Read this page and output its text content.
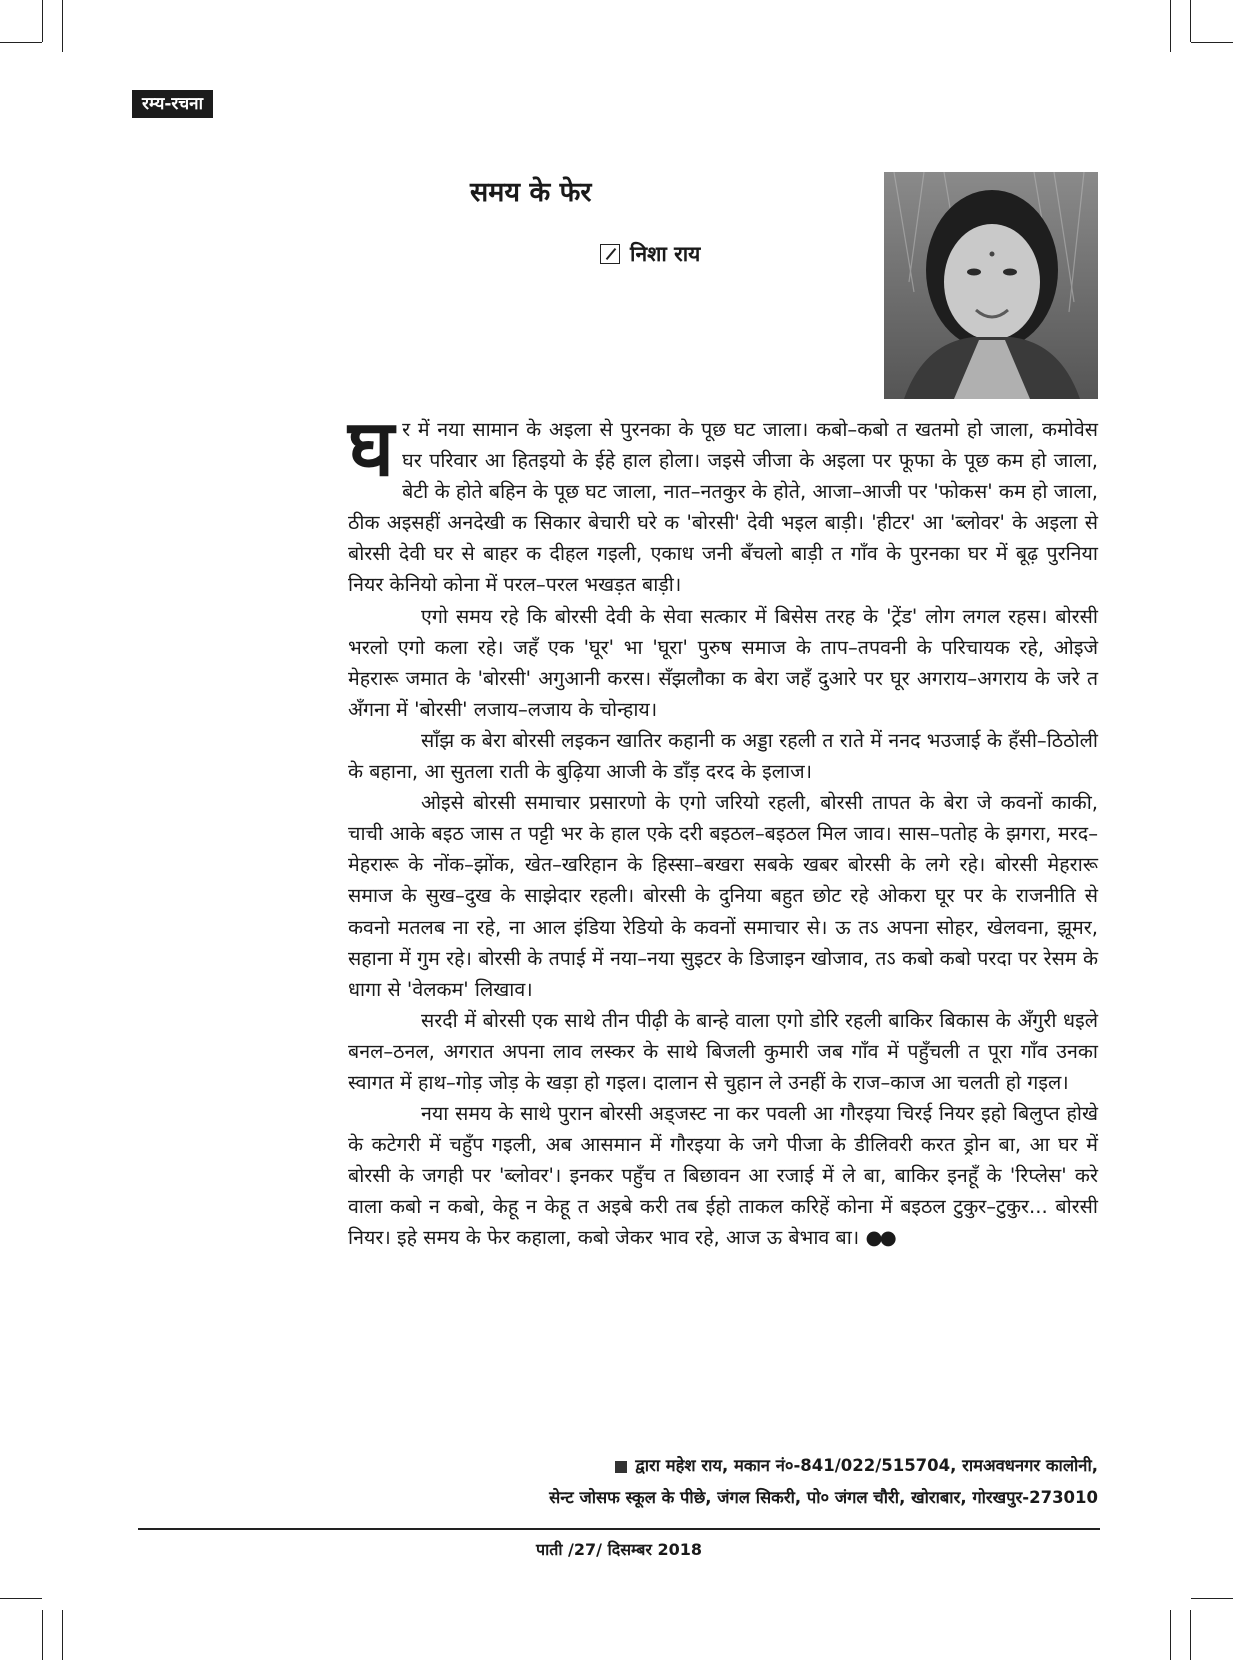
रम्य-रचना
समय के फेर
निशा राय

घर में नया सामान के अइला से पुरनका के पूछ घट जाला। कबो–कबो त खतमो हो जाला, कमोवेस घर परिवार आ हितइयो के ईहे हाल होला। जइसे जीजा के अइला पर फूफा के पूछ कम हो जाला, बेटी के होते बहिन के पूछ घट जाला, नात–नतकुर के होते, आजा–आजी पर 'फोकस' कम हो जाला, ठीक अइसहीं अनदेखी क सिकार बेचारी घरे क 'बोरसी' देवी भइल बाड़ी। 'हीटर' आ 'ब्लोवर' के अइला से बोरसी देवी घर से बाहर क दीहल गइली, एकाध जनी बँचलो बाड़ी त गाँव के पुरनका घर में बूढ़ पुरनिया नियर केनियो कोना में परल–परल भखड़त बाड़ी।

एगो समय रहे कि बोरसी देवी के सेवा सत्कार में बिसेस तरह के 'ट्रेंड' लोग लगल रहस। बोरसी भरलो एगो कला रहे। जहँ एक 'घूर' भा 'घूरा' पुरुष समाज के ताप–तपवनी के परिचायक रहे, ओइजे मेहरारू जमात के 'बोरसी' अगुआनी करस। सँझलौका क बेरा जहँ दुआरे पर घूर अगराय–अगराय के जरे त अँगना में 'बोरसी' लजाय–लजाय के चोन्हाय।

साँझ क बेरा बोरसी लइकन खातिर कहानी क अड्डा रहली त राते में ननद भउजाई के हँसी–ठिठोली के बहाना, आ सुतला राती के बुढ़िया आजी के डाँड़ दरद के इलाज।

ओइसे बोरसी समाचार प्रसारणो के एगो जरियो रहली, बोरसी तापत के बेरा जे कवनों काकी, चाची आके बइठ जास त पट्टी भर के हाल एके दरी बइठल–बइठल मिल जाव। सास–पतोह के झगरा, मरद–मेहरारू के नोंक–झोंक, खेत–खरिहान के हिस्सा–बखरा सबके खबर बोरसी के लगे रहे। बोरसी मेहरारू समाज के सुख–दुख के साझेदार रहली। बोरसी के दुनिया बहुत छोट रहे ओकरा घूर पर के राजनीति से कवनो मतलब ना रहे, ना आल इंडिया रेडियो के कवनों समाचार से। ऊ तऽ अपना सोहर, खेलवना, झूमर, सहाना में गुम रहे। बोरसी के तपाई में नया–नया सुइटर के डिजाइन खोजाव, तऽ कबो कबो परदा पर रेसम के धागा से 'वेलकम' लिखाव।

सरदी में बोरसी एक साथे तीन पीढ़ी के बान्हे वाला एगो डोरि रहली बाकिर बिकास के अँगुरी धइले बनल–ठनल, अगरात अपना लाव लस्कर के साथे बिजली कुमारी जब गाँव में पहुँचली त पूरा गाँव उनका स्वागत में हाथ–गोड़ जोड़ के खड़ा हो गइल। दालान से चुहान ले उनहीं के राज–काज आ चलती हो गइल।

नया समय के साथे पुरान बोरसी अड्जस्ट ना कर पवली आ गौरइया चिरई नियर इहो बिलुप्त होखे के कटेगरी में चहुँप गइली, अब आसमान में गौरइया के जगे पीजा के डीलिवरी करत ड्रोन बा, आ घर में बोरसी के जगही पर 'ब्लोवर'। इनकर पहुँच त बिछावन आ रजाई में ले बा, बाकिर इनहूँ के 'रिप्लेस' करे वाला कबो न कबो, केहू न केहू त अइबे करी तब ईहो ताकल करिहें कोना में बइठल टुकुर–टुकुर... बोरसी नियर। इहे समय के फेर कहाला, कबो जेकर भाव रहे, आज ऊ बेभाव बा। ●●

द्वारा महेश राय, मकान नं०-841/022/515704, रामअवधनगर कालोनी,
सेन्ट जोसफ स्कूल के पीछे, जंगल सिकरी, पो० जंगल चौरी, खोराबार, गोरखपुर-273010
पाती /27/ दिसम्बर 2018
